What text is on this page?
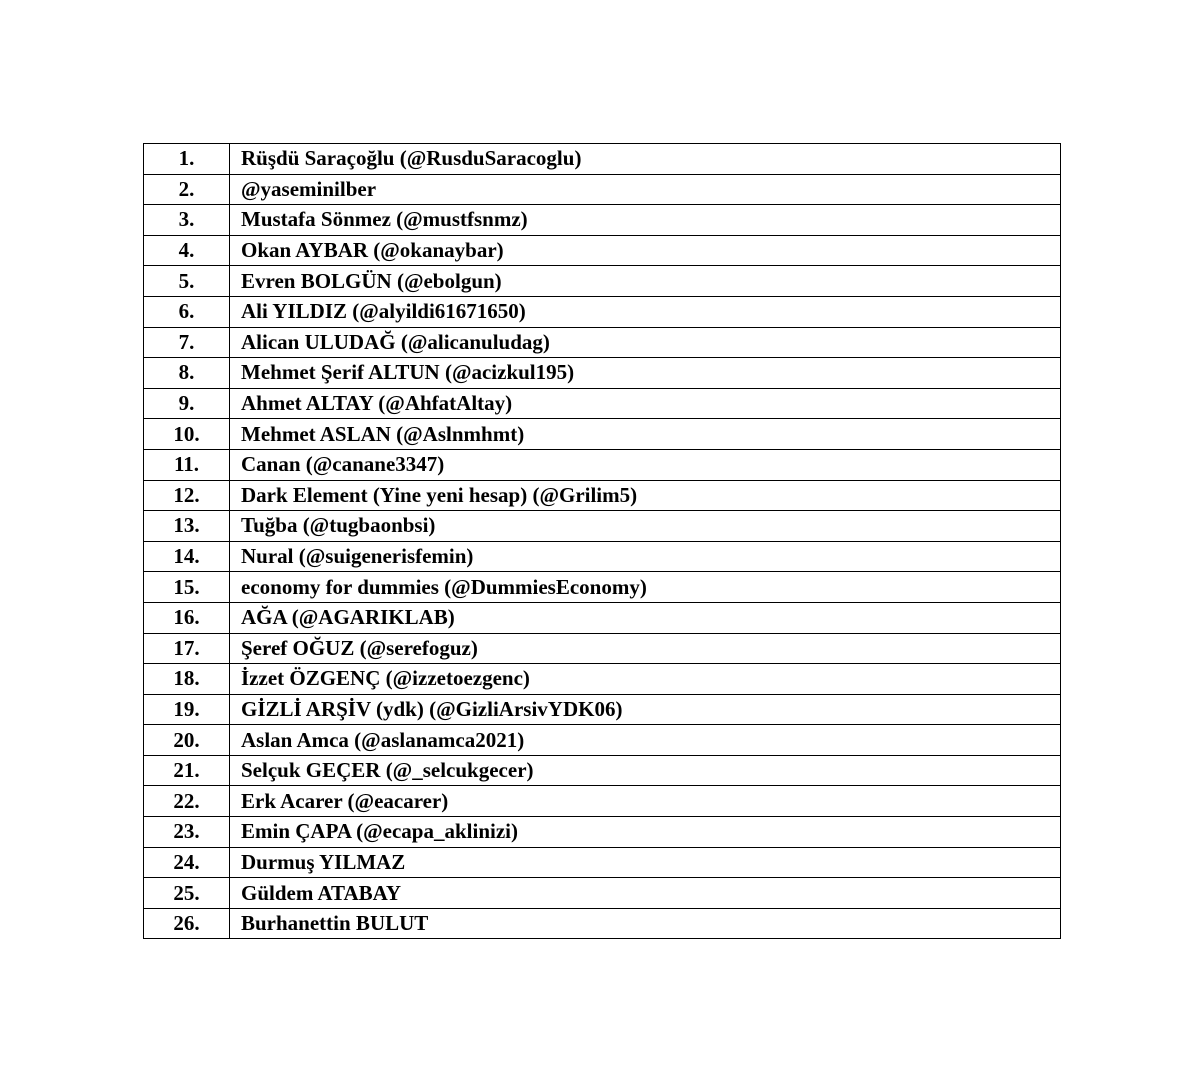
1.	Rüşdü Saraçoğlu (@RusduSaracoglu)
2.	@yaseminilber
3.	Mustafa Sönmez (@mustfsnmz)
4.	Okan AYBAR (@okanaybar)
5.	Evren BOLGÜN (@ebolgun)
6.	Ali YILDIZ (@alyildi61671650)
7.	Alican ULUDAĞ (@alicanuludag)
8.	Mehmet Şerif ALTUN (@acizkul195)
9.	Ahmet ALTAY (@AhfatAltay)
10.	Mehmet ASLAN (@Aslnmhmt)
11.	Canan (@canane3347)
12.	Dark Element (Yine yeni hesap) (@Grilim5)
13.	Tuğba (@tugbaonbsi)
14.	Nural (@suigenerisfemin)
15.	economy for dummies (@DummiesEconomy)
16.	AĞA (@AGARIKLAB)
17.	Şeref OĞUZ (@serefoguz)
18.	İzzet ÖZGENÇ (@izzetoezgenc)
19.	GİZLİ ARŞİV (ydk) (@GizliArsivYDK06)
20.	Aslan Amca (@aslanamca2021)
21.	Selçuk GEÇER (@_selcukgecer)
22.	Erk Acarer (@eacarer)
23.	Emin ÇAPA (@ecapa_aklinizi)
24.	Durmuş YILMAZ
25.	Güldem ATABAY
26.	Burhanettin BULUT
